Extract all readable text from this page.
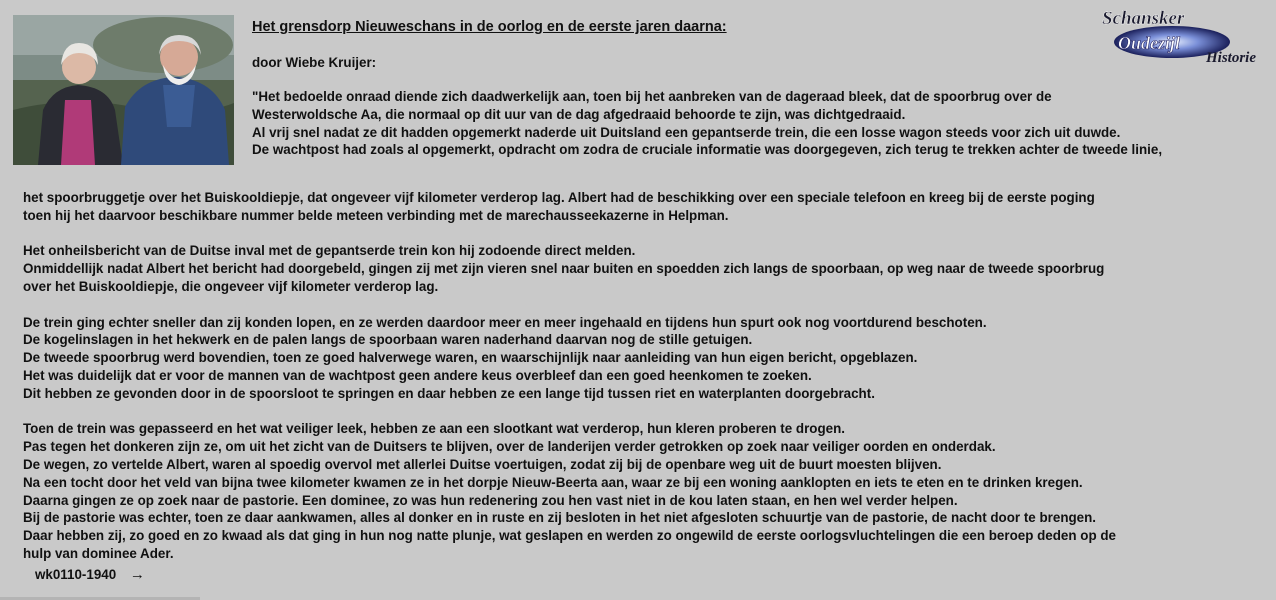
Schansker
Oudezijl
Historie
Het grensdorp Nieuweschans in de oorlog en de eerste jaren daarna:
door Wiebe Kruijer:
"Het bedoelde onraad diende zich daadwerkelijk aan, toen bij het aanbreken van de dageraad bleek, dat de spoorbrug over de
Westerwoldsche Aa, die normaal op dit uur van de dag afgedraaid behoorde te zijn, was dichtgedraaid.
Al vrij snel nadat ze dit hadden opgemerkt naderde uit Duitsland een gepantserde trein, die een losse wagon steeds voor zich uit duwde.
De wachtpost had zoals al opgemerkt, opdracht om zodra de cruciale informatie was doorgegeven, zich terug te trekken achter de tweede linie,
het spoorbruggetje over het Buiskooldiepje, dat ongeveer vijf kilometer verderop lag. Albert had de beschikking over een speciale telefoon en kreeg bij de eerste poging
toen hij het daarvoor beschikbare nummer belde meteen verbinding met de marechausseekazerne in Helpman.
Het onheilsbericht van de Duitse inval met de gepantserde trein kon hij zodoende direct melden.
Onmiddellijk nadat Albert het bericht had doorgebeld, gingen zij met zijn vieren snel naar buiten en spoedden zich langs de spoorbaan, op weg naar de tweede spoorbrug
over het Buiskooldiepje, die ongeveer vijf kilometer verderop lag.
De trein ging echter sneller dan zij konden lopen, en ze werden daardoor meer en meer ingehaald en tijdens hun spurt ook nog voortdurend beschoten.
De kogelinslagen in het hekwerk en de palen langs de spoorbaan waren naderhand daarvan nog de stille getuigen.
De tweede spoorbrug werd bovendien, toen ze goed halverwege waren, en waarschijnlijk naar aanleiding van hun eigen bericht, opgeblazen.
Het was duidelijk dat er voor de mannen van de wachtpost geen andere keus overbleef dan een goed heenkomen te zoeken.
Dit hebben ze gevonden door in de spoorsloot te springen en daar hebben ze een lange tijd tussen riet en waterplanten doorgebracht.
Toen de trein was gepasseerd en het wat veiliger leek, hebben ze aan een slootkant wat verderop, hun kleren proberen te drogen.
Pas tegen het donkeren zijn ze, om uit het zicht van de Duitsers te blijven, over de landerijen verder getrokken op zoek naar veiliger oorden en onderdak.
De wegen, zo vertelde Albert, waren al spoedig overvol met allerlei Duitse voertuigen, zodat zij bij de openbare weg uit de buurt moesten blijven.
Na een tocht door het veld van bijna twee kilometer kwamen ze in het dorpje Nieuw-Beerta aan, waar ze bij een woning aanklopten en iets te eten en te drinken kregen.
Daarna gingen ze op zoek naar de pastorie. Een dominee, zo was hun redenering zou hen vast niet in de kou laten staan, en hen wel verder helpen.
Bij de pastorie was echter, toen ze daar aankwamen, alles al donker en in ruste en zij besloten in het niet afgesloten schuurtje van de pastorie, de nacht door te brengen.
Daar hebben zij, zo goed en zo kwaad als dat ging in hun nog natte plunje, wat geslapen en werden zo ongewild de eerste oorlogsvluchtelingen die een beroep deden op de
hulp van dominee Ader.
wk0110-1940 →
